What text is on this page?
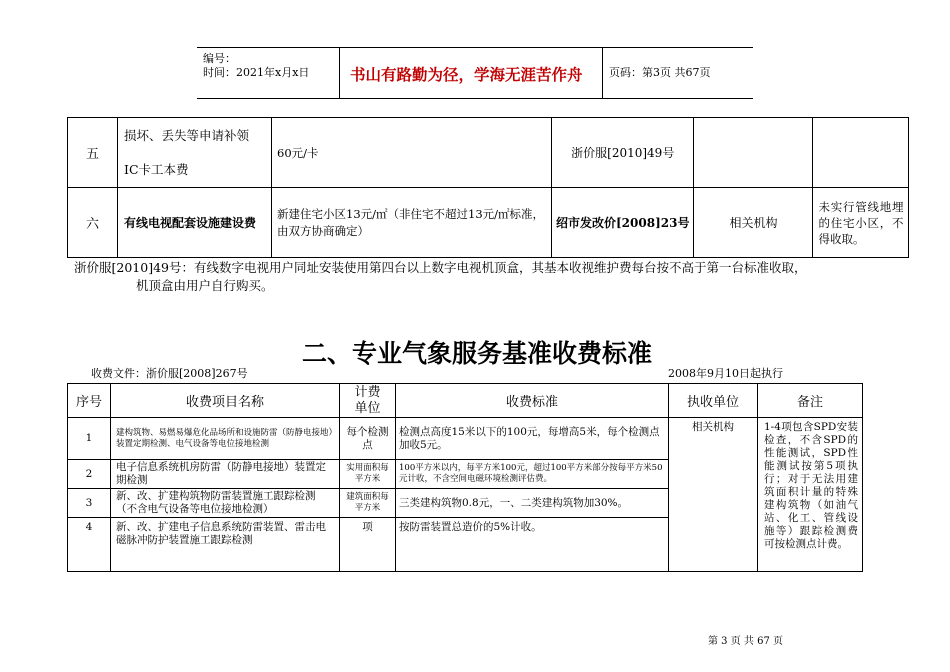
编号：
时间：2021年x月x日	书山有路勤为径，学海无涯苦作舟 页码：第3页 共67页
五	损坏、丢失等申请补领
IC卡工本费	60元/卡	浙价服[2010]49号		
六	有线电视配套设施建设费	新建住宅小区13元/㎡（非住宅不超过13元/㎡标准，由双方协商确定）	绍市发改价[2008]23号	相关机构	未实行管线地埋的住宅小区，不得收取。
浙价服[2010]49号：有线数字电视用户同址安装使用第四台以上数字电视机顶盒，其基本收视维护费每台按不高于第一台标准收取，
机顶盒由用户自行购买。
二、专业气象服务基准收费标准
收费文件：浙价服[2008]267号	2008年9月10日起执行
序号	收费项目名称	计费
单位	收费标准	执收单位	备注
1	建构筑物、易燃易爆危化品场所和设施防雷（防静电接地）装置定期检测、电气设备等电位接地检测	每个检测点	检测点高度15米以下的100元，每增高5米，每个检测点加收5元。	相关机构	1-4项包含SPD安装检查，不含SPD的性能测试，SPD性能测试按第5项执行；对于无法用建筑面积计量的特殊建构筑物（如油气站、化工、管线设施等）跟踪检测费可按检测点计费。
2	电子信息系统机房防雷（防静电接地）装置定期检测	实用面积每平方米	100平方米以内，每平方米100元，超过100平方米部分按每平方米50元计收，不含空间电磁环境检测评估费。		
3	新、改、扩建构筑物防雷装置施工跟踪检测（不含电气设备等电位接地检测）	建筑面积每平方米	三类建构筑物0.8元，一、二类建构筑物加30%。		
4	新、改、扩建电子信息系统防雷装置、雷击电磁脉冲防护装置施工跟踪检测	项	按防雷装置总造价的5%计收。		
第 3 页 共 67 页
